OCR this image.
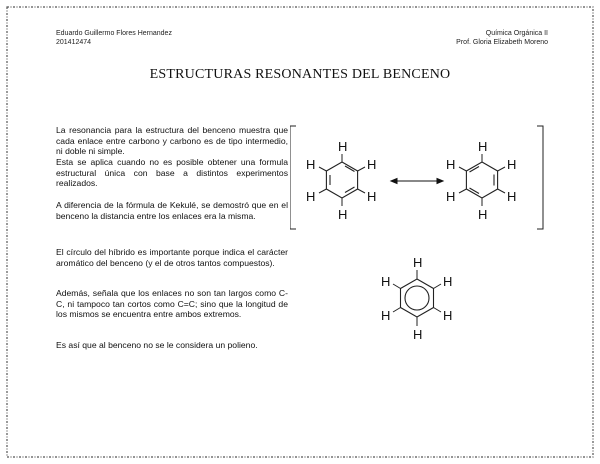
Eduardo Guillermo Flores Hernandez
201412474
Química Orgánica II
Prof. Gloria Elizabeth Moreno
ESTRUCTURAS RESONANTES DEL BENCENO

La resonancia para la estructura del benceno muestra que cada enlace entre carbono y carbono es de tipo intermedio, ni doble ni simple.

Esta se aplica cuando no es posible obtener una formula estructural única con base a distintos experimentos realizados.

A diferencia de la fórmula de Kekulé, se demostró que en el benceno la distancia entre los enlaces era la misma.

El círculo del híbrido es importante porque indica el carácter aromático del benceno (y el de otros tantos compuestos).

Además, señala que los enlaces no son tan largos como C-C, ni tampoco tan cortos como C=C; sino que la longitud de los mismos se encuentra entre ambos extremos.

Es así que al benceno no se le considera un polieno.

H
H
H
H
H
H
H
H
H
H
H
H
H
H
H
H
H
H
